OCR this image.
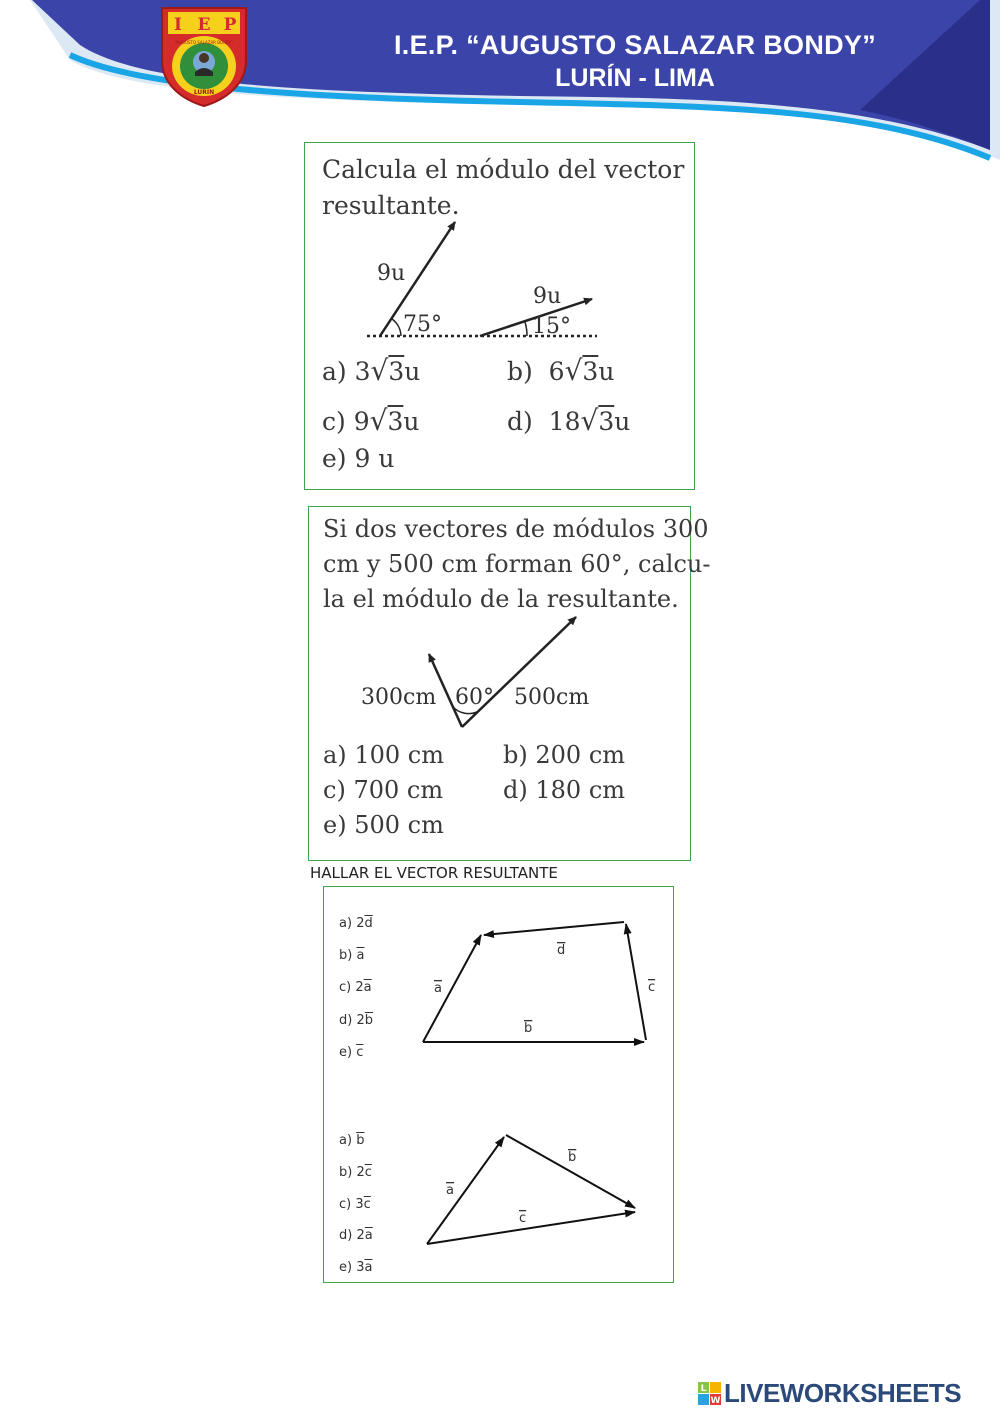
I E P
“AUGUSTO SALAZAR BONDY”
LURÍN
I.E.P. “AUGUSTO SALAZAR BONDY”
LURÍN - LIMA
Calcula el módulo del vector resultante.
9u
75°
9u
15°
a) 3√3u	b) 6√3u
c) 9√3u	d) 18√3u
e) 9 u
Si dos vectores de módulos 300
cm y 500 cm forman 60°, calcu-
la el módulo de la resultante.
300cm 60° 500cm
a) 100 cm b) 200 cm
c) 700 cm d) 180 cm
e) 500 cm
HALLAR EL VECTOR RESULTANTE
a) $2\overline{d}$
b) $\overline{a}$
c) $2\overline{a}$
d) $2\overline{b}$
e) $\overline{c}$
a
b
c
d
a) $\overline{b}$
b) $2\overline{c}$
c) $3\overline{c}$
d) $2\overline{a}$
e) $3\overline{a}$
a
b
c
L
W LIVEWORKSHEETS
